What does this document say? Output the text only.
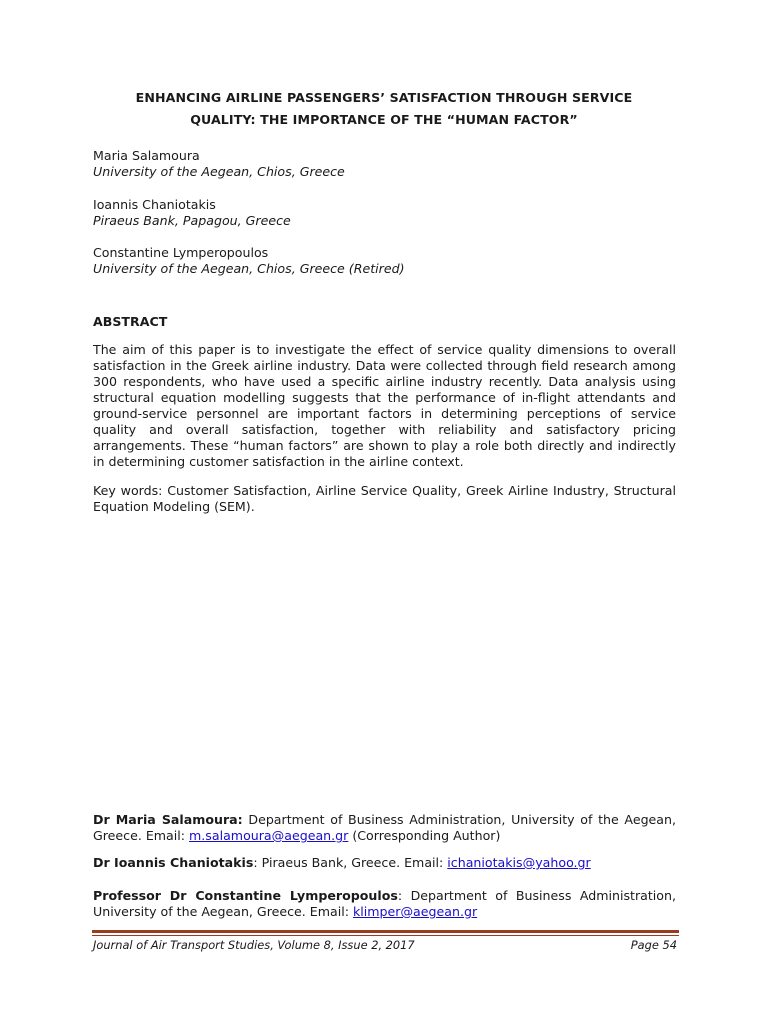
ENHANCING AIRLINE PASSENGERS’ SATISFACTION THROUGH SERVICE
QUALITY: THE IMPORTANCE OF THE “HUMAN FACTOR”
Maria Salamoura
University of the Aegean, Chios, Greece
Ioannis Chaniotakis
Piraeus Bank, Papagou, Greece
Constantine Lymperopoulos
University of the Aegean, Chios, Greece (Retired)
ABSTRACT

The aim of this paper is to investigate the effect of service quality dimensions to overall satisfaction in the Greek airline industry. Data were collected through field research among 300 respondents, who have used a specific airline industry recently. Data analysis using structural equation modelling suggests that the performance of in-flight attendants and ground-service personnel are important factors in determining perceptions of service quality and overall satisfaction, together with reliability and satisfactory pricing arrangements. These “human factors” are shown to play a role both directly and indirectly in determining customer satisfaction in the airline context.

Key words: Customer Satisfaction, Airline Service Quality, Greek Airline Industry, Structural Equation Modeling (SEM).

Dr Maria Salamoura: Department of Business Administration, University of the Aegean, Greece. Email: m.salamoura@aegean.gr (Corresponding Author)

Dr Ioannis Chaniotakis: Piraeus Bank, Greece. Email: ichaniotakis@yahoo.gr

Professor Dr Constantine Lymperopoulos: Department of Business Administration, University of the Aegean, Greece. Email: klimper@aegean.gr

Journal of Air Transport Studies, Volume 8, Issue 2, 2017	Page 54
